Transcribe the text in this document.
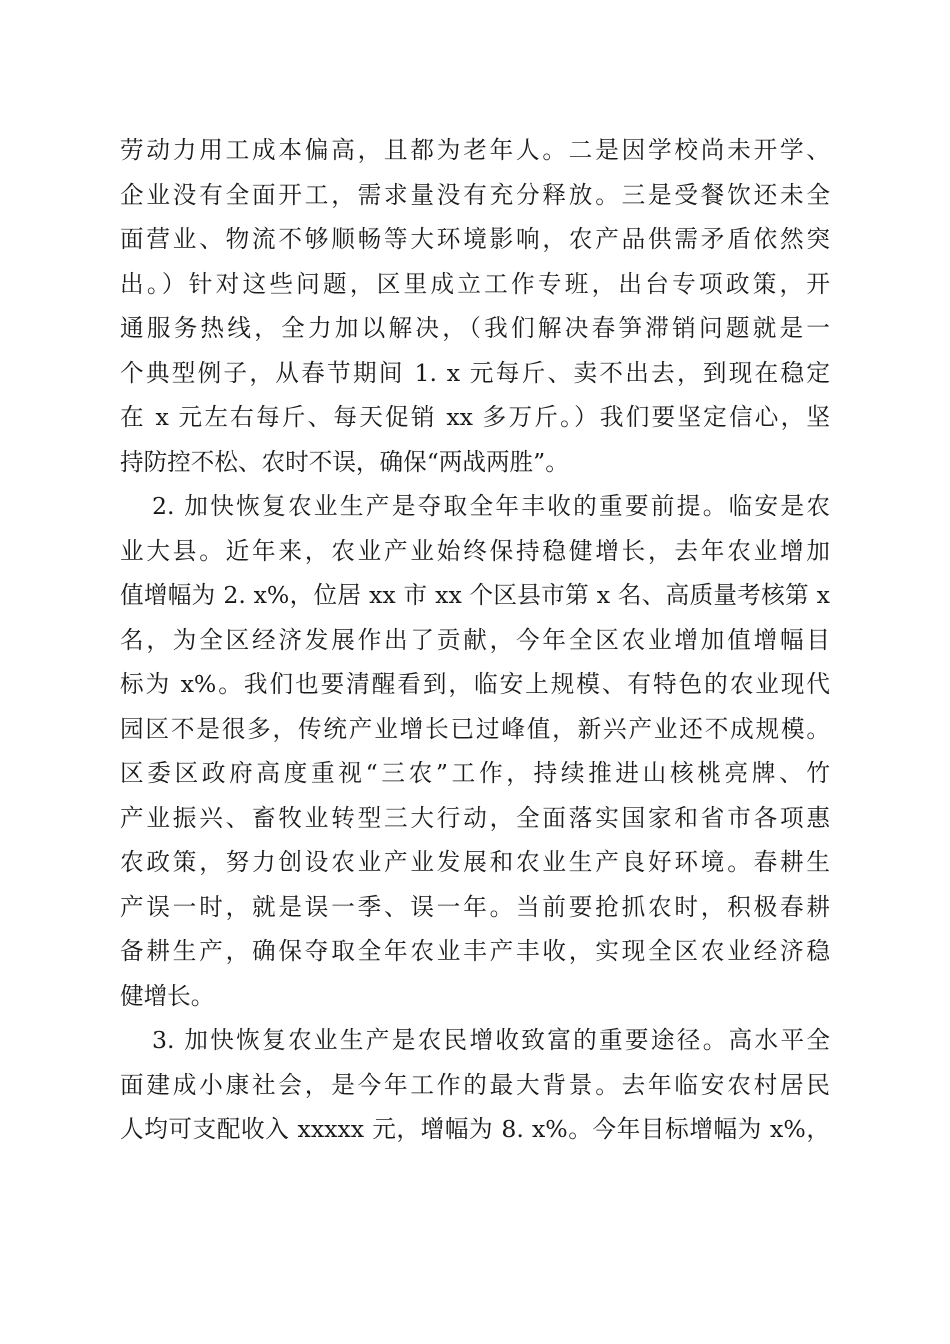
劳动力用工成本偏高，且都为老年人。二是因学校尚未开学、
企业没有全面开工，需求量没有充分释放。三是受餐饮还未全
面营业、物流不够顺畅等大环境影响，农产品供需矛盾依然突
出。）针对这些问题，区里成立工作专班，出台专项政策，开
通服务热线，全力加以解决，（我们解决春笋滞销问题就是一
个典型例子，从春节期间 1. x 元每斤、卖不出去，到现在稳定
在 x 元左右每斤、每天促销 xx 多万斤。）我们要坚定信心，坚
持防控不松、农时不误，确保“两战两胜”。
2. 加快恢复农业生产是夺取全年丰收的重要前提。临安是农
业大县。近年来，农业产业始终保持稳健增长，去年农业增加
值增幅为 2. x%，位居 xx 市 xx 个区县市第 x 名、高质量考核第 x
名，为全区经济发展作出了贡献，今年全区农业增加值增幅目
标为 x%。我们也要清醒看到，临安上规模、有特色的农业现代
园区不是很多，传统产业增长已过峰值，新兴产业还不成规模。
区委区政府高度重视“三农”工作，持续推进山核桃亮牌、竹
产业振兴、畜牧业转型三大行动，全面落实国家和省市各项惠
农政策，努力创设农业产业发展和农业生产良好环境。春耕生
产误一时，就是误一季、误一年。当前要抢抓农时，积极春耕
备耕生产，确保夺取全年农业丰产丰收，实现全区农业经济稳
健增长。
3. 加快恢复农业生产是农民增收致富的重要途径。高水平全
面建成小康社会，是今年工作的最大背景。去年临安农村居民
人均可支配收入 xxxxx 元，增幅为 8. x%。今年目标增幅为 x%，
